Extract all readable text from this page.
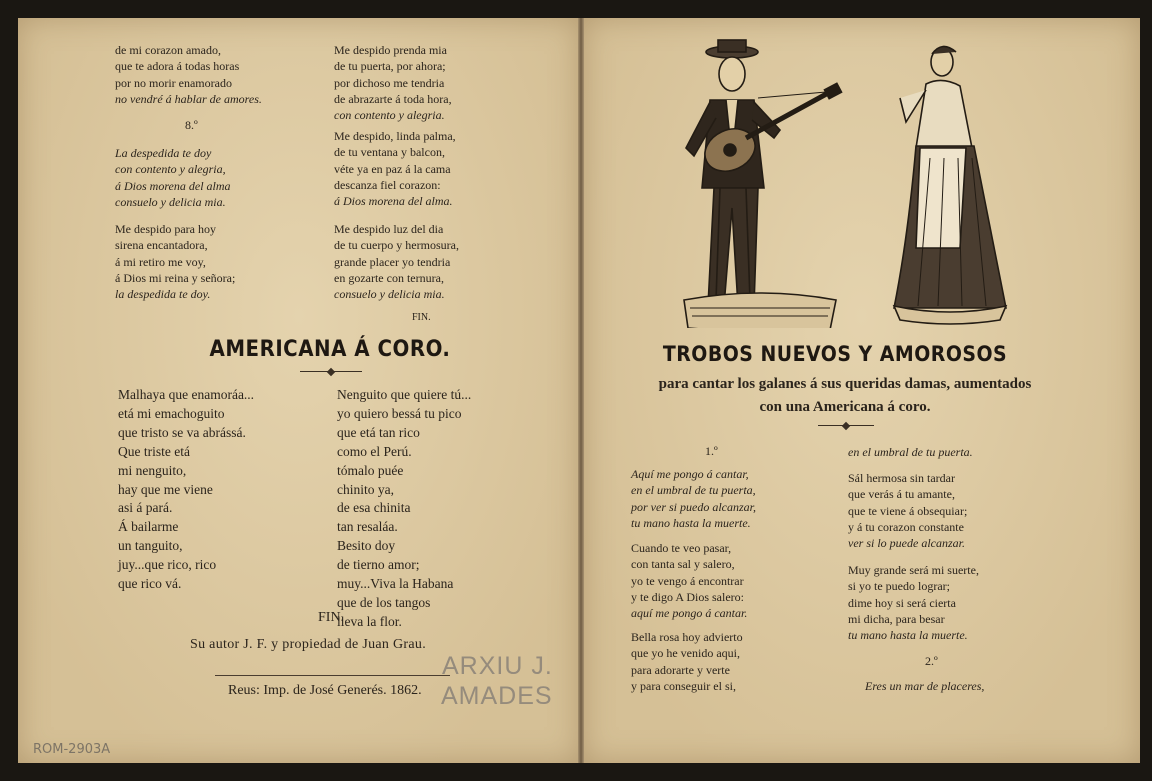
de mi corazon amado,
que te adora á todas horas
por no morir enamorado
no vendré á hablar de amores.
8.º
La despedida te doy
con contento y alegria,
á Dios morena del alma
consuelo y delicia mia.
Me despido para hoy
sirena encantadora,
á mi retiro me voy,
á Dios mi reina y señora;
la despedida te doy.
Me despido prenda mia
de tu puerta, por ahora;
por dichoso me tendria
de abrazarte á toda hora,
con contento y alegria.
Me despido, linda palma,
de tu ventana y balcon,
véte ya en paz á la cama
descanza fiel corazon:
á Dios morena del alma.
Me despido luz del dia
de tu cuerpo y hermosura,
grande placer yo tendria
en gozarte con ternura,
consuelo y delicia mia.
FIN.
AMERICANA Á CORO.
Malhaya que enamoráa...
etá mi emachoguito
que tristo se va abrássá.
Que triste etá
mi nenguito,
hay que me viene
asi á pará.
Á bailarme
un tanguito,
juy...que rico, rico
que rico vá.
Nenguito que quiere tú...
yo quiero bessá tu pico
que etá tan rico
como el Perú.
tómalo puée
chinito ya,
de esa chinita
tan resaláa.
Besito doy
de tierno amor;
muy...Viva la Habana
que de los tangos
lleva la flor.
FIN.
Su autor J. F. y propiedad de Juan Grau.
Reus: Imp. de José Generés. 1862.
ARXIU J.
AMADES
ROM-2903A
TROBOS NUEVOS Y AMOROSOS
para cantar los galanes á sus queridas damas, aumentados
con una Americana á coro.
1.º
Aquí me pongo á cantar,
en el umbral de tu puerta,
por ver si puedo alcanzar,
tu mano hasta la muerte.
Cuando te veo pasar,
con tanta sal y salero,
yo te vengo á encontrar
y te digo A Dios salero:
aquí me pongo á cantar.
Bella rosa hoy advierto
que yo he venido aqui,
para adorarte y verte
y para conseguir el si,
en el umbral de tu puerta.
Sál hermosa sin tardar
que verás á tu amante,
que te viene á obsequiar;
y á tu corazon constante
ver si lo puede alcanzar.
Muy grande será mi suerte,
si yo te puedo lograr;
dime hoy si será cierta
mi dicha, para besar
tu mano hasta la muerte.
2.º
Eres un mar de placeres,
